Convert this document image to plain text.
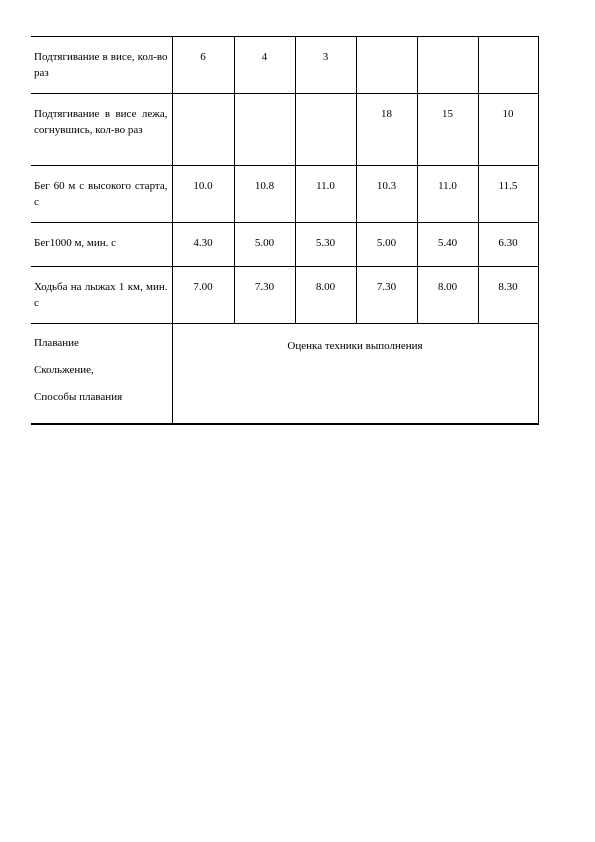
Подтягивание в висе, кол-во раз	6	4	3			
Подтягивание в висе лежа, согнувшись, кол-во раз				18	15	10
Бег 60 м с высокого старта, с	10.0	10.8	11.0	10.3	11.0	11.5
Бег1000 м, мин. с	4.30	5.00	5.30	5.00	5.40	6.30
Ходьба на лыжах 1 км, мин. с	7.00	7.30	8.00	7.30	8.00	8.30

Плавание
Скольжение,
Способы плавания	Оценка техники выполнения					
